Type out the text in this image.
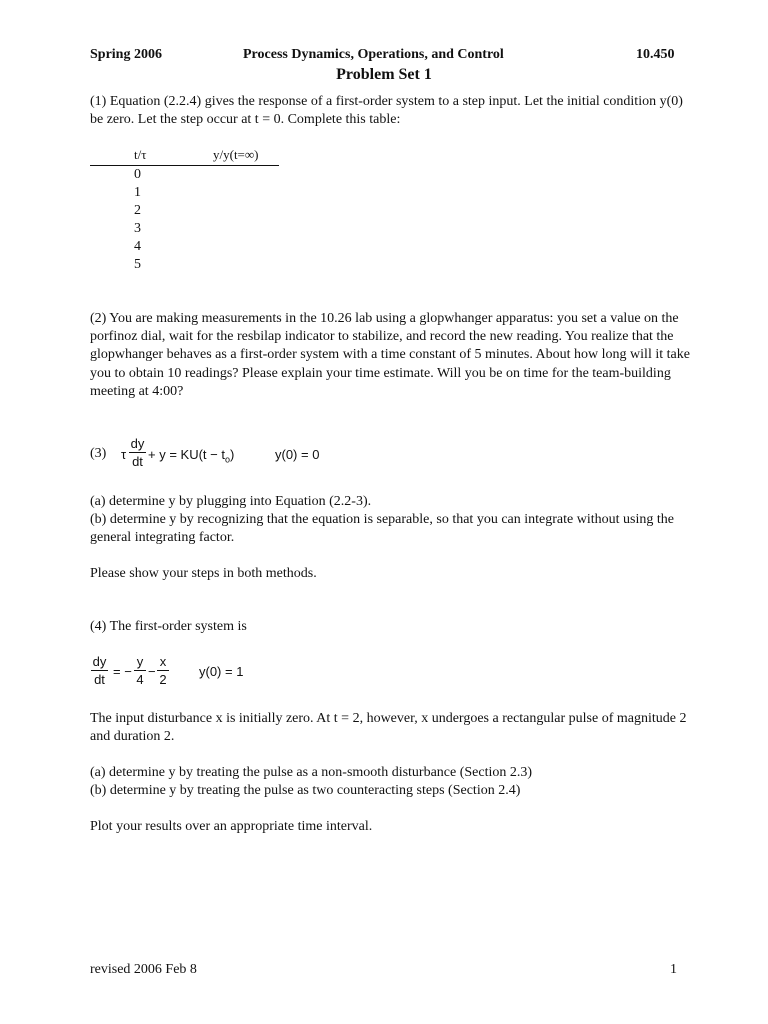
Spring 2006	Process Dynamics, Operations, and Control	10.450
Problem Set 1
(1) Equation (2.2.4) gives the response of a first-order system to a step input. Let the initial condition y(0) be zero. Let the step occur at t = 0. Complete this table:
t/τ	y/y(t=∞)
0
1
2
3
4
5
(2) You are making measurements in the 10.26 lab using a glopwhanger apparatus: you set a value on the porfinoz dial, wait for the resbilap indicator to stabilize, and record the new reading. You realize that the glopwhanger behaves as a first-order system with a time constant of 5 minutes. About how long will it take you to obtain 10 readings? Please explain your time estimate. Will you be on time for the team-building meeting at 4:00?
(3) τ
dy
dt + $y = KU(t - t_o)$	y(0) = 0
(a) determine y by plugging into Equation (2.2-3).
(b) determine y by recognizing that the equation is separable, so that you can integrate without using the general integrating factor.
Please show your steps in both methods.
(4) The first-order system is
dy
dt
= −
y
4
−
x
2
y(0) = 1
The input disturbance x is initially zero. At t = 2, however, x undergoes a rectangular pulse of magnitude 2 and duration 2.
(a) determine y by treating the pulse as a non-smooth disturbance (Section 2.3)
(b) determine y by treating the pulse as two counteracting steps (Section 2.4)
Plot your results over an appropriate time interval.
revised 2006 Feb 8	1
